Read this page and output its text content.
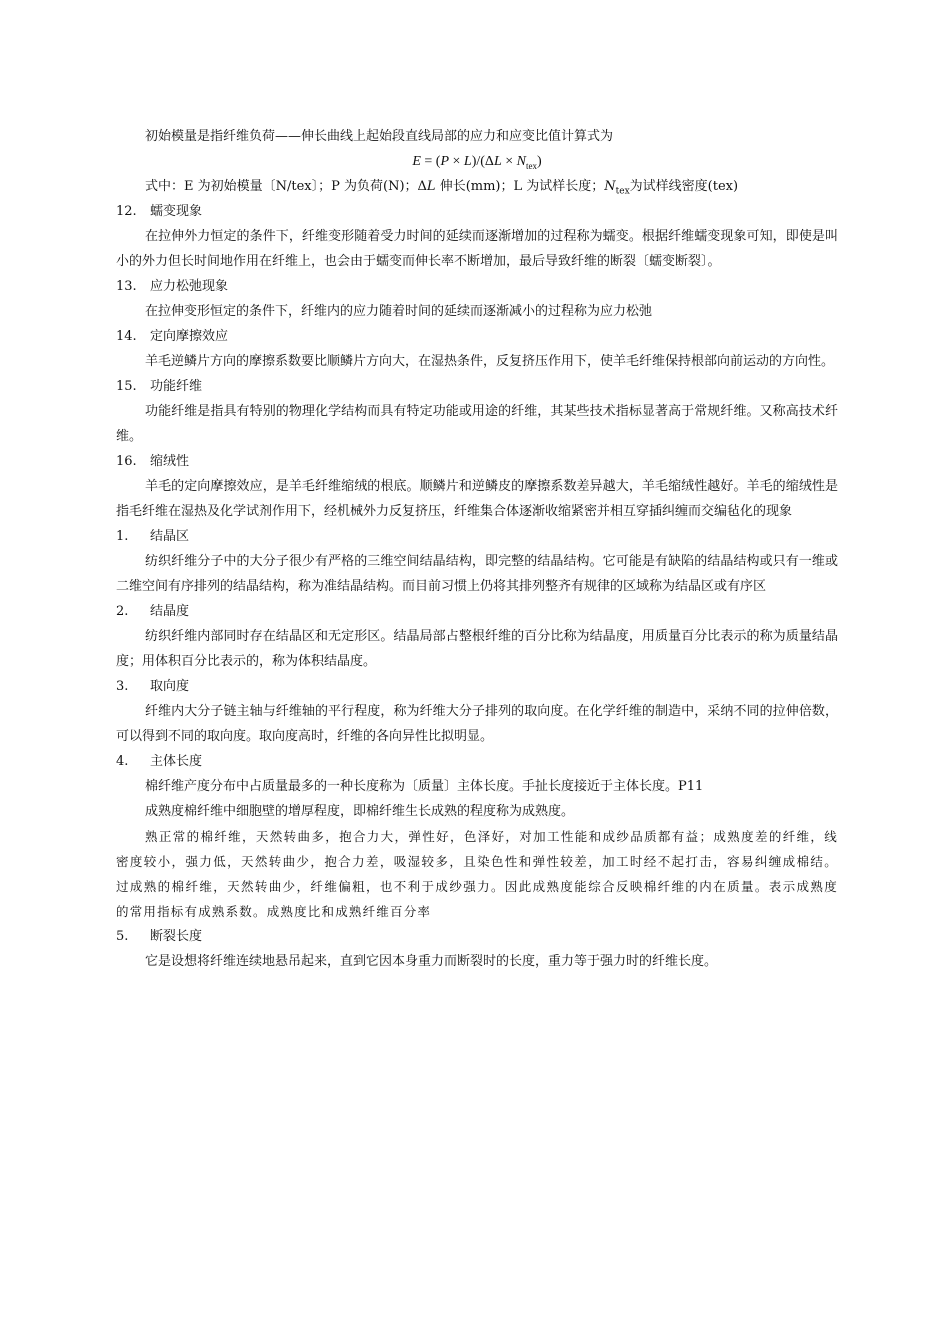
初始模量是指纤维负荷——伸长曲线上起始段直线局部的应力和应变比值计算式为

$E = (P \times L)/(\Delta L \times N_{tex})$

式中：E 为初始模量〔N/tex〕；P 为负荷(N)；ΔL 伸长(mm)；L 为试样长度；$N_{tex}$为试样线密度(tex)

12. 蠕变现象

在拉伸外力恒定的条件下，纤维变形随着受力时间的延续而逐渐增加的过程称为蠕变。根据纤维蠕变现象可知，即使是叫小的外力但长时间地作用在纤维上，也会由于蠕变而伸长率不断增加，最后导致纤维的断裂〔蠕变断裂〕。

13. 应力松弛现象

在拉伸变形恒定的条件下，纤维内的应力随着时间的延续而逐渐减小的过程称为应力松弛

14. 定向摩擦效应

羊毛逆鳞片方向的摩擦系数要比顺鳞片方向大，在湿热条件，反复挤压作用下，使羊毛纤维保持根部向前运动的方向性。

15. 功能纤维

功能纤维是指具有特别的物理化学结构而具有特定功能或用途的纤维，其某些技术指标显著高于常规纤维。又称高技术纤维。

16. 缩绒性

羊毛的定向摩擦效应，是羊毛纤维缩绒的根底。顺鳞片和逆鳞皮的摩擦系数差异越大，羊毛缩绒性越好。羊毛的缩绒性是指毛纤维在湿热及化学试剂作用下，经机械外力反复挤压，纤维集合体逐渐收缩紧密并相互穿插纠缠而交编毡化的现象

1. 结晶区

纺织纤维分子中的大分子很少有严格的三维空间结晶结构，即完整的结晶结构。它可能是有缺陷的结晶结构或只有一维或二维空间有序排列的结晶结构，称为准结晶结构。而目前习惯上仍将其排列整齐有规律的区域称为结晶区或有序区

2. 结晶度

纺织纤维内部同时存在结晶区和无定形区。结晶局部占整根纤维的百分比称为结晶度，用质量百分比表示的称为质量结晶度；用体积百分比表示的，称为体积结晶度。

3. 取向度

纤维内大分子链主轴与纤维轴的平行程度，称为纤维大分子排列的取向度。在化学纤维的制造中，采纳不同的拉伸倍数，可以得到不同的取向度。取向度高时，纤维的各向异性比拟明显。

4. 主体长度

棉纤维产度分布中占质量最多的一种长度称为〔质量〕主体长度。手扯长度接近于主体长度。P11

成熟度棉纤维中细胞壁的增厚程度，即棉纤维生长成熟的程度称为成熟度。

熟正常的棉纤维，天然转曲多，抱合力大，弹性好，色泽好，对加工性能和成纱品质都有益；成熟度差的纤维，线密度较小，强力低，天然转曲少，抱合力差，吸湿较多，且染色性和弹性较差，加工时经不起打击，容易纠缠成棉结。过成熟的棉纤维，天然转曲少，纤维偏粗，也不利于成纱强力。因此成熟度能综合反映棉纤维的内在质量。表示成熟度的常用指标有成熟系数。成熟度比和成熟纤维百分率

5. 断裂长度

它是设想将纤维连续地悬吊起来，直到它因本身重力而断裂时的长度，重力等于强力时的纤维长度。
